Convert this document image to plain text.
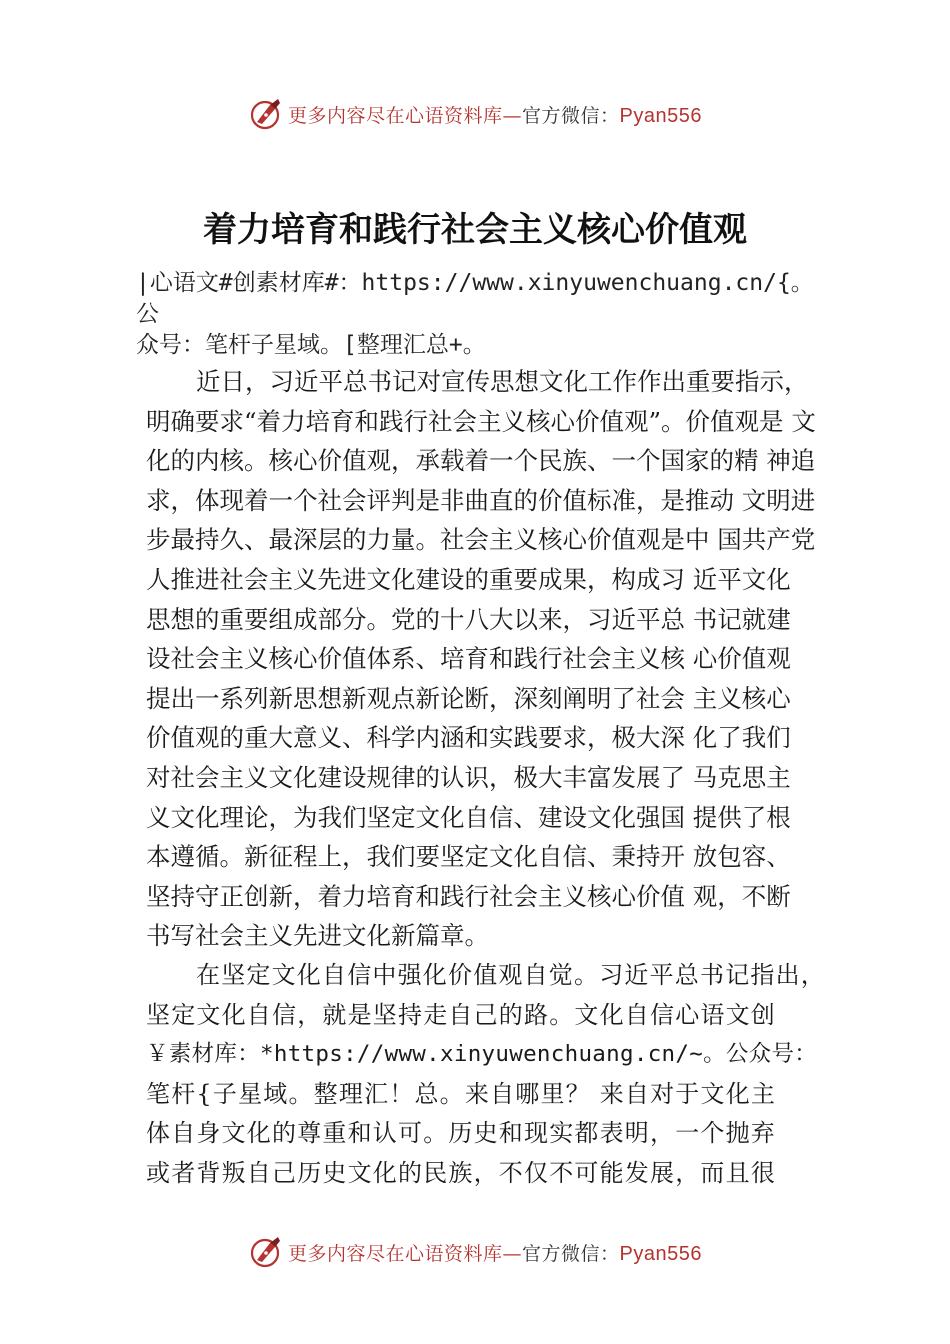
更多内容尽在心语资料库—官方微信：Pyan556
着力培育和践行社会主义核心价值观
|心语文#创素材库#：https://www.xinyuwenchuang.cn/{。公
众号：笔杆子星域。[整理汇总+。
近日，习近平总书记对宣传思想文化工作作出重要指示，
明确要求“着力培育和践行社会主义核心价值观”。价值观是 文
化的内核。核心价值观，承载着一个民族、一个国家的精 神追
求，体现着一个社会评判是非曲直的价值标准，是推动 文明进
步最持久、最深层的力量。社会主义核心价值观是中 国共产党
人推进社会主义先进文化建设的重要成果，构成习 近平文化
思想的重要组成部分。党的十八大以来，习近平总 书记就建
设社会主义核心价值体系、培育和践行社会主义核 心价值观
提出一系列新思想新观点新论断，深刻阐明了社会 主义核心
价值观的重大意义、科学内涵和实践要求，极大深 化了我们
对社会主义文化建设规律的认识，极大丰富发展了 马克思主
义文化理论，为我们坚定文化自信、建设文化强国 提供了根
本遵循。新征程上，我们要坚定文化自信、秉持开 放包容、
坚持守正创新，着力培育和践行社会主义核心价值 观，不断
书写社会主义先进文化新篇章。
在坚定文化自信中强化价值观自觉。习近平总书记指出，
坚定文化自信，就是坚持走自己的路。文化自信心语文创
￥素材库：*https://www.xinyuwenchuang.cn/~。公众号：
笔杆{子星域。整理汇！总。来自哪里？ 来自对于文化主
体自身文化的尊重和认可。历史和现实都表明，一个抛弃
或者背叛自己历史文化的民族，不仅不可能发展，而且很
更多内容尽在心语资料库—官方微信：Pyan556
